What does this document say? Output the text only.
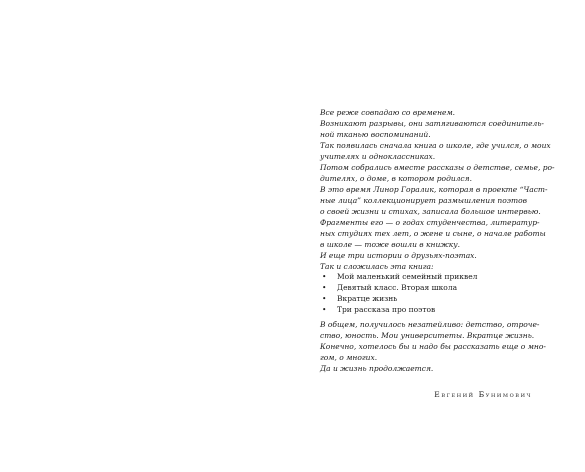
Все реже совпадаю со временем.
Возникают разрывы, они затягиваются соединитель-
ной тканью воспоминаний.
Так появилась сначала книга о школе, где учился, о моих
учителях и одноклассниках.
Потом собрались вместе рассказы о детстве, семье, ро-
дителях, о доме, в котором родился.
В это время Линор Горалик, которая в проекте “Част-
ные лица” коллекционирует размышления поэтов
о своей жизни и стихах, записала большое интервью.
Фрагменты его — о годах студенчества, литератур-
ных студиях тех лет, о жене и сыне, о начале работы
в школе — тоже вошли в книжку.
И еще три истории о друзьях-поэтах.
Так и сложилась эта книга:
• Мой маленький семейный приквел
• Девятый класс. Вторая школа
• Вкратце жизнь
• Три рассказа про поэтов
В общем, получилось незатейливо: детство, отроче-
ство, юность. Мои университеты. Вкратце жизнь.
Конечно, хотелось бы и надо бы рассказать еще о мно-
гом, о многих.
Да и жизнь продолжается.
Евгений Бунимович
